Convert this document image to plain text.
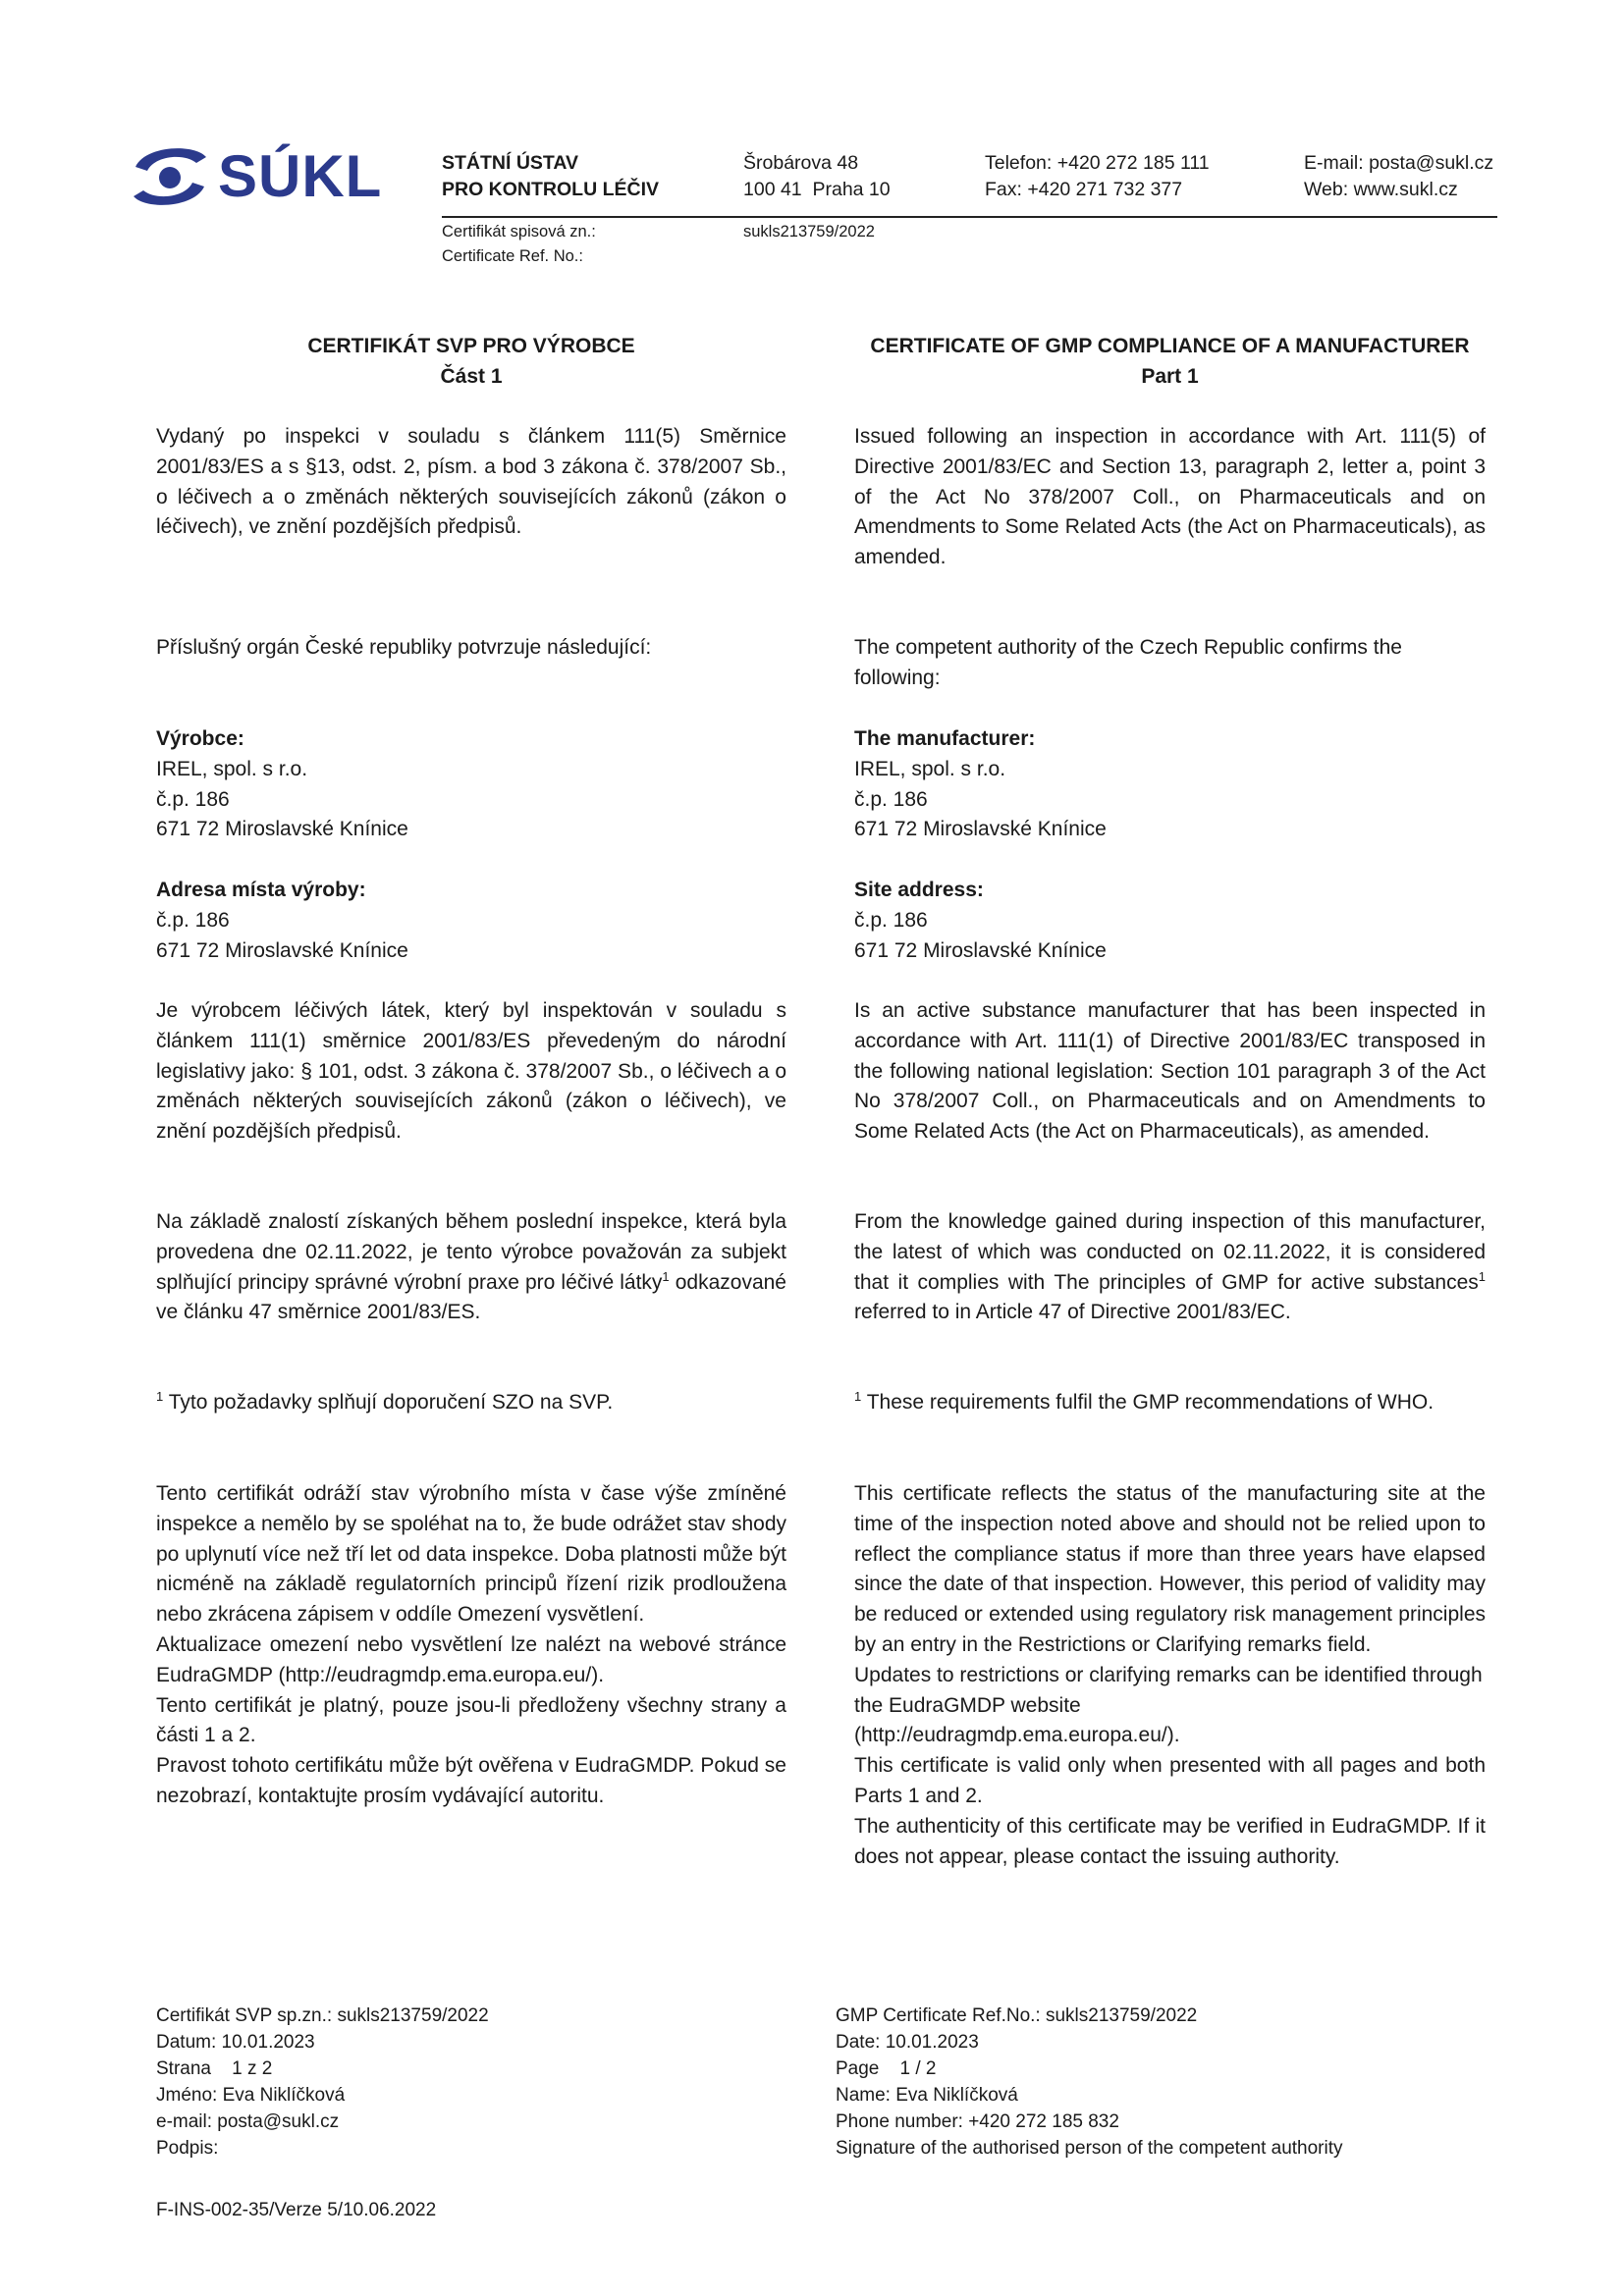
SÚKL	STÁTNÍ ÚSTAV
PRO KONTROLU LÉČIV
Šrobárova 48
100 41  Praha 10
Telefon: +420 272 185 111
Fax: +420 271 732 377
E-mail: posta@sukl.cz
Web: www.sukl.cz
Certifikát spisová zn.:
Certificate Ref. No.:
sukls213759/2022
CERTIFIKÁT SVP PRO VÝROBCE
Část 1
CERTIFICATE OF GMP COMPLIANCE OF A MANUFACTURER
Part 1
Vydaný po inspekci v souladu s článkem 111(5) Směrnice 2001/83/ES a s §13, odst. 2, písm. a bod 3 zákona č. 378/2007 Sb., o léčivech a o změnách některých souvisejících zákonů (zákon o léčivech), ve znění pozdějších předpisů.
Příslušný orgán České republiky potvrzuje následující:
Výrobce:
IREL, spol. s r.o.
č.p. 186
671 72 Miroslavské Knínice
Adresa místa výroby:
č.p. 186
671 72 Miroslavské Knínice
Je výrobcem léčivých látek, který byl inspektován v souladu s článkem 111(1) směrnice 2001/83/ES převedeným do národní legislativy jako: § 101, odst. 3 zákona č. 378/2007 Sb., o léčivech a o změnách některých souvisejících zákonů (zákon o léčivech), ve znění pozdějších předpisů.
Na základě znalostí získaných během poslední inspekce, která byla provedena dne 02.11.2022, je tento výrobce považován za subjekt splňující principy správné výrobní praxe pro léčivé látky$^1$ odkazované ve článku 47 směrnice 2001/83/ES.
$^1$ Tyto požadavky splňují doporučení SZO na SVP.
Tento certifikát odráží stav výrobního místa v čase výše zmíněné inspekce a nemělo by se spoléhat na to, že bude odrážet stav shody po uplynutí více než tří let od data inspekce. Doba platnosti může být nicméně na základě regulatorních principů řízení rizik prodloužena nebo zkrácena zápisem v oddíle Omezení vysvětlení.
Aktualizace omezení nebo vysvětlení lze nalézt na webové stránce EudraGMDP (http://eudragmdp.ema.europa.eu/).
Tento certifikát je platný, pouze jsou-li předloženy všechny strany a části 1 a 2.
Pravost tohoto certifikátu může být ověřena v EudraGMDP. Pokud se nezobrazí, kontaktujte prosím vydávající autoritu.
Issued following an inspection in accordance with Art. 111(5) of Directive 2001/83/EC and Section 13, paragraph 2, letter a, point 3 of the Act No 378/2007 Coll., on Pharmaceuticals and on Amendments to Some Related Acts (the Act on Pharmaceuticals), as amended.
The competent authority of the Czech Republic confirms the following:
The manufacturer:
IREL, spol. s r.o.
č.p. 186
671 72 Miroslavské Knínice
Site address:
č.p. 186
671 72 Miroslavské Knínice
Is an active substance manufacturer that has been inspected in accordance with Art. 111(1) of Directive 2001/83/EC transposed in the following national legislation: Section 101 paragraph 3 of the Act No 378/2007 Coll., on Pharmaceuticals and on Amendments to Some Related Acts (the Act on Pharmaceuticals), as amended.
From the knowledge gained during inspection of this manufacturer, the latest of which was conducted on 02.11.2022, it is considered that it complies with The principles of GMP for active substances$^1$ referred to in Article 47 of Directive 2001/83/EC.
$^1$ These requirements fulfil the GMP recommendations of WHO.
This certificate reflects the status of the manufacturing site at the time of the inspection noted above and should not be relied upon to reflect the compliance status if more than three years have elapsed since the date of that inspection. However, this period of validity may be reduced or extended using regulatory risk management principles by an entry in the Restrictions or Clarifying remarks field.
Updates to restrictions or clarifying remarks can be identified through the EudraGMDP website
(http://eudragmdp.ema.europa.eu/).
This certificate is valid only when presented with all pages and both Parts 1 and 2.
The authenticity of this certificate may be verified in EudraGMDP. If it does not appear, please contact the issuing authority.
Certifikát SVP sp.zn.: sukls213759/2022
Datum: 10.01.2023
Strana    1 z 2
Jméno: Eva Niklíčková
e-mail: posta@sukl.cz
Podpis:
GMP Certificate Ref.No.: sukls213759/2022
Date: 10.01.2023
Page    1 / 2
Name: Eva Niklíčková
Phone number: +420 272 185 832
Signature of the authorised person of the competent authority
F-INS-002-35/Verze 5/10.06.2022
